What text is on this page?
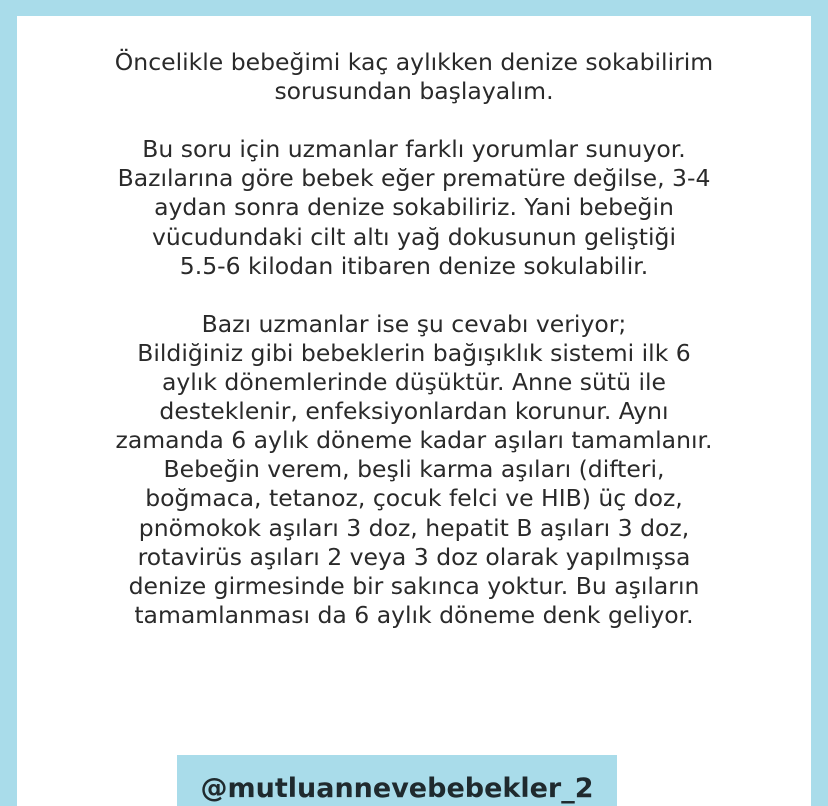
Öncelikle bebeğimi kaç aylıkken denize sokabilirim
sorusundan başlayalım.
Bu soru için uzmanlar farklı yorumlar sunuyor.
Bazılarına göre bebek eğer prematüre değilse, 3-4
aydan sonra denize sokabiliriz. Yani bebeğin
vücudundaki cilt altı yağ dokusunun geliştiği
5.5-6 kilodan itibaren denize sokulabilir.
Bazı uzmanlar ise şu cevabı veriyor;
Bildiğiniz gibi bebeklerin bağışıklık sistemi ilk 6
aylık dönemlerinde düşüktür. Anne sütü ile
desteklenir, enfeksiyonlardan korunur. Aynı
zamanda 6 aylık döneme kadar aşıları tamamlanır.
Bebeğin verem, beşli karma aşıları (difteri,
boğmaca, tetanoz, çocuk felci ve HIB) üç doz,
pnömokok aşıları 3 doz, hepatit B aşıları 3 doz,
rotavirüs aşıları 2 veya 3 doz olarak yapılmışsa
denize girmesinde bir sakınca yoktur. Bu aşıların
tamamlanması da 6 aylık döneme denk geliyor.
@mutluannevebebekler_2
